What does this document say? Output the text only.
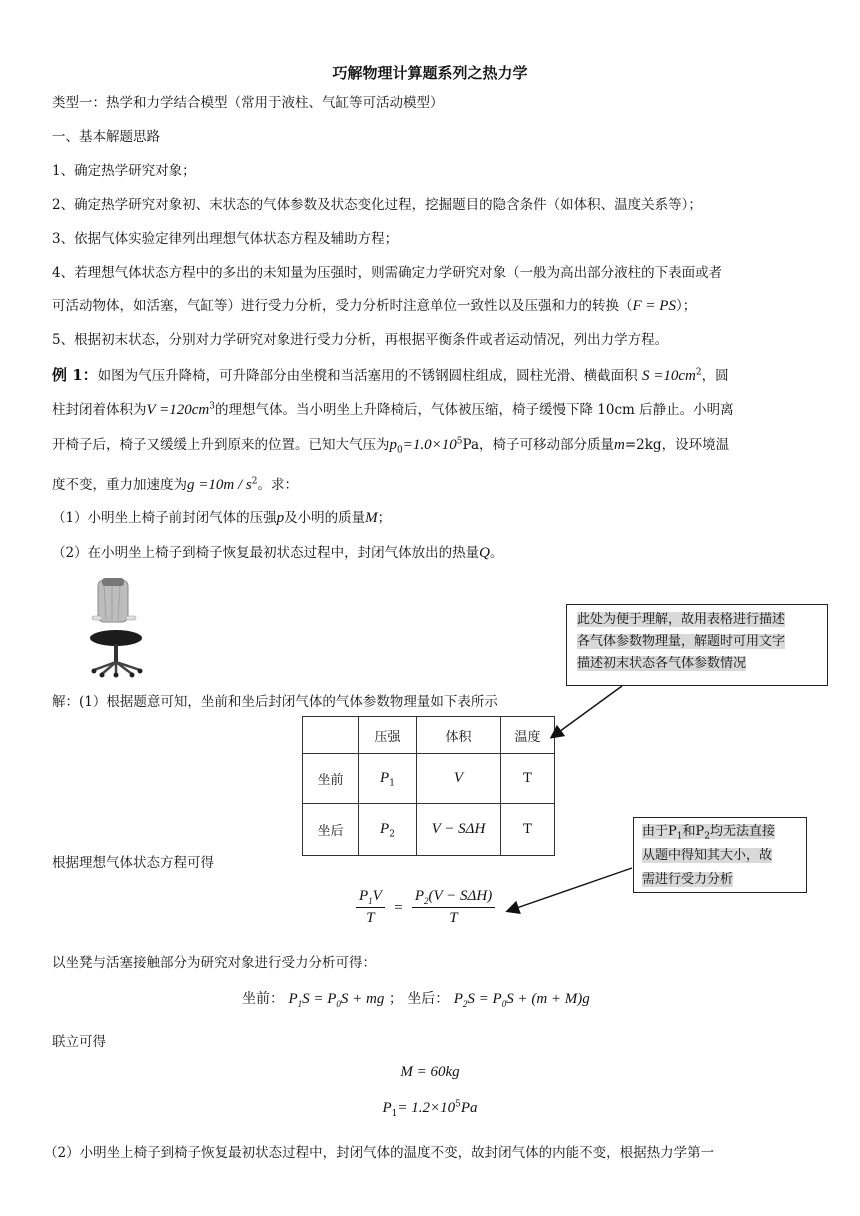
巧解物理计算题系列之热力学
类型一：热学和力学结合模型（常用于液柱、气缸等可活动模型）
一、基本解题思路
1、确定热学研究对象；
2、确定热学研究对象初、末状态的气体参数及状态变化过程，挖掘题目的隐含条件（如体积、温度关系等）；
3、依据气体实验定律列出理想气体状态方程及辅助方程；
4、若理想气体状态方程中的多出的未知量为压强时，则需确定力学研究对象（一般为高出部分液柱的下表面或者
可活动物体，如活塞，气缸等）进行受力分析，受力分析时注意单位一致性以及压强和力的转换（F = PS）；
5、根据初末状态，分别对力学研究对象进行受力分析，再根据平衡条件或者运动情况，列出力学方程。
例 1：如图为气压升降椅，可升降部分由坐櫈和当活塞用的不锈钢圆柱组成，圆柱光滑、横截面积 $S =10cm^2$，圆
柱封闭着体积为$V =120cm^3$的理想气体。当小明坐上升降椅后，气体被压缩，椅子缓慢下降 10cm 后静止。小明离
开椅子后，椅子又缓缓上升到原来的位置。已知大气压为$p_0=1.0\times 10^5Pa$，椅子可移动部分质量m=2kg，设环境温
度不变，重力加速度为$g =10m / s^2$。求：
（1）小明坐上椅子前封闭气体的压强p及小明的质量M；
（2）在小明坐上椅子到椅子恢复最初状态过程中，封闭气体放出的热量Q。
此处为便于理解，故用表格进行描述
各气体参数物理量，解题时可用文字
描述初末状态各气体参数情况
解：(1）根据题意可知，坐前和坐后封闭气体的气体参数物理量如下表所示
	压强	体积	温度
坐前	$P_1$	V	T
坐后	$P_2$	V − SΔH	T	由于$P_1$和$P_2$均无法直接
从题中得知其大小，故
需进行受力分析
根据理想气体状态方程可得
$\frac{P_1V}{T} = \frac{P_2(V - S\Delta H)}{T}$
以坐凳与活塞接触部分为研究对象进行受力分析可得：
坐前： $P_1S = P_0S$ + mg ； 坐后： $P_2S = P_0S + (m + M)g$
联立可得
M = 60kg
$P_1= 1.2\times 10^5Pa$
（2）小明坐上椅子到椅子恢复最初状态过程中，封闭气体的温度不变，故封闭气体的内能不变，根据热力学第一
